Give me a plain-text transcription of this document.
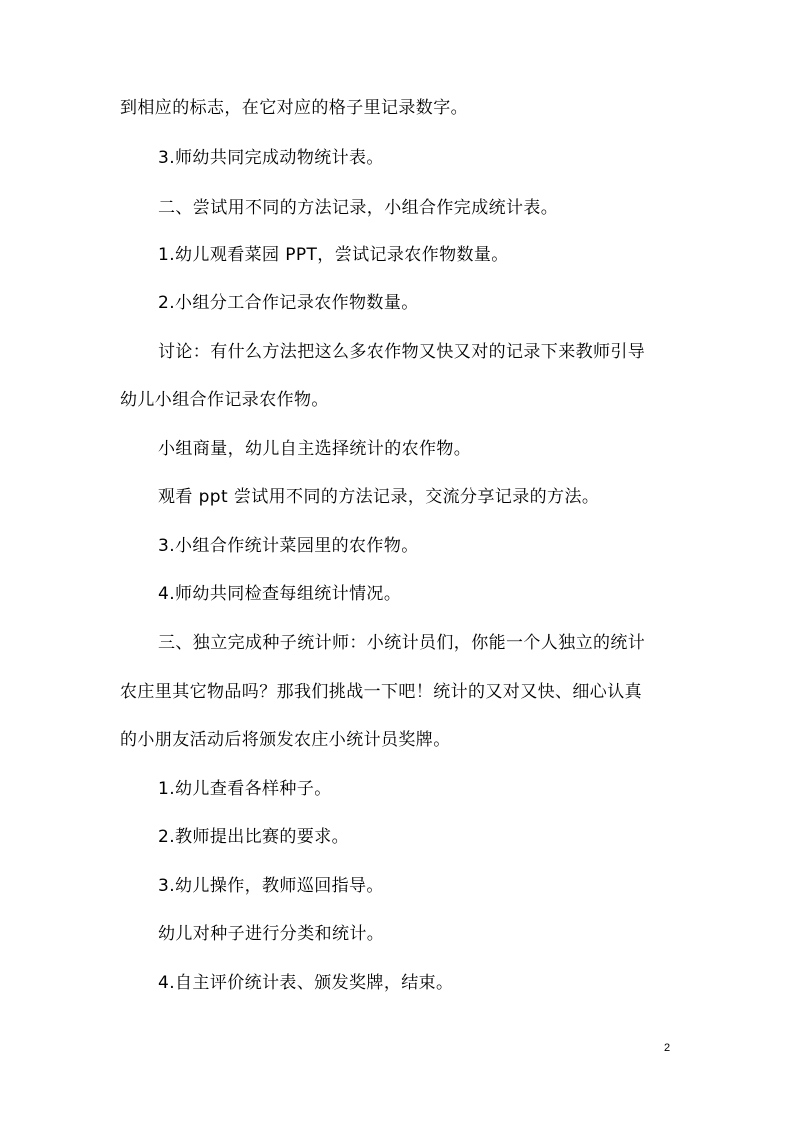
到相应的标志，在它对应的格子里记录数字。
3.师幼共同完成动物统计表。
二、尝试用不同的方法记录，小组合作完成统计表。
1.幼儿观看菜园 PPT，尝试记录农作物数量。
2.小组分工合作记录农作物数量。
讨论：有什么方法把这么多农作物又快又对的记录下来教师引导
幼儿小组合作记录农作物。
小组商量，幼儿自主选择统计的农作物。
观看 ppt 尝试用不同的方法记录，交流分享记录的方法。
3.小组合作统计菜园里的农作物。
4.师幼共同检查每组统计情况。
三、独立完成种子统计师：小统计员们，你能一个人独立的统计
农庄里其它物品吗？那我们挑战一下吧！统计的又对又快、细心认真
的小朋友活动后将颁发农庄小统计员奖牌。
1.幼儿查看各样种子。
2.教师提出比赛的要求。
3.幼儿操作，教师巡回指导。
幼儿对种子进行分类和统计。
4.自主评价统计表、颁发奖牌，结束。
2
